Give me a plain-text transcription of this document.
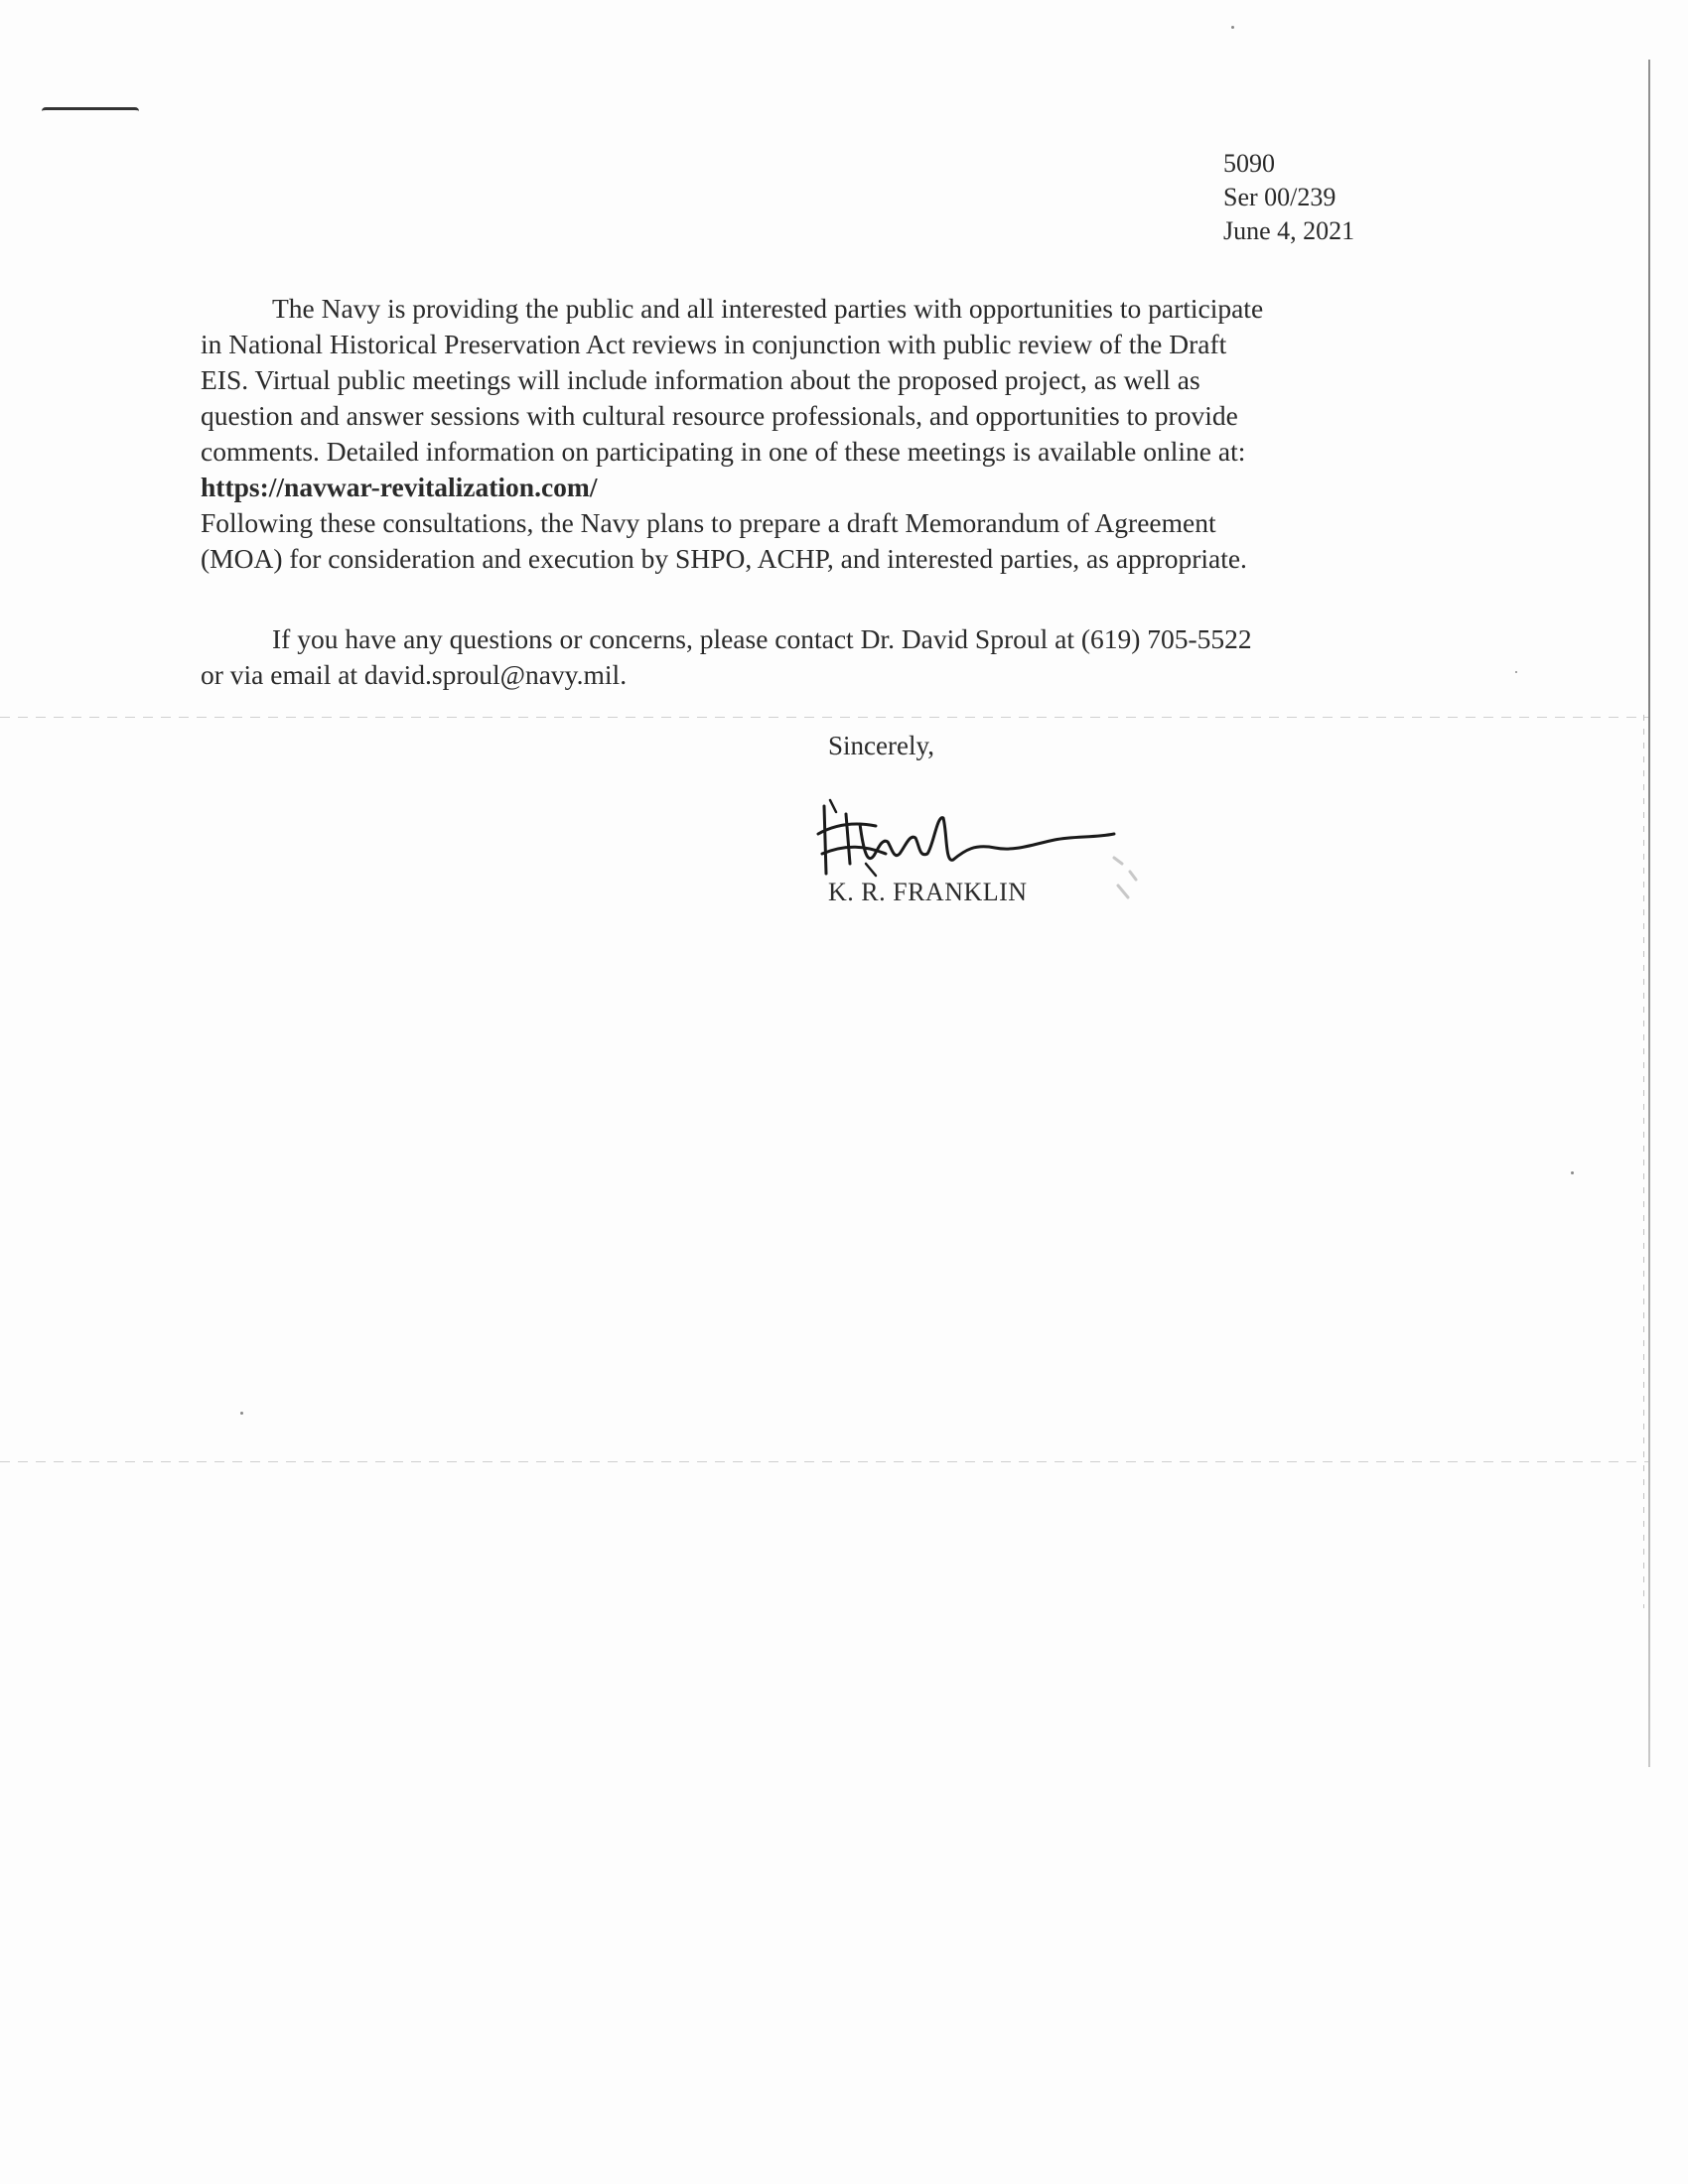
5090
Ser 00/239
June 4, 2021
The Navy is providing the public and all interested parties with opportunities to participate
in National Historical Preservation Act reviews in conjunction with public review of the Draft
EIS. Virtual public meetings will include information about the proposed project, as well as
question and answer sessions with cultural resource professionals, and opportunities to provide
comments. Detailed information on participating in one of these meetings is available online at:
https://navwar-revitalization.com/
Following these consultations, the Navy plans to prepare a draft Memorandum of Agreement
(MOA) for consideration and execution by SHPO, ACHP, and interested parties, as appropriate.
If you have any questions or concerns, please contact Dr. David Sproul at (619) 705-5522
or via email at david.sproul@navy.mil.
Sincerely,
K. R. FRANKLIN
